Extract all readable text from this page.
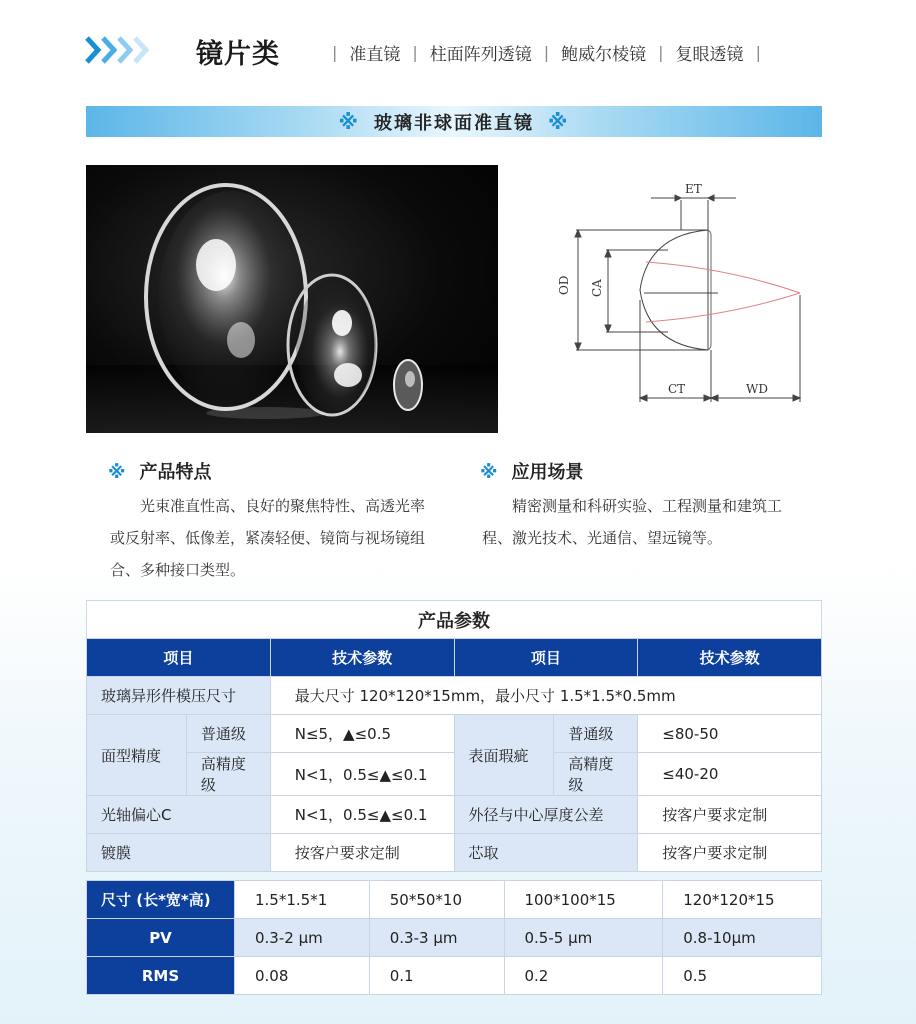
镜片类	| 准直镜 | 柱面阵列透镜 | 鲍威尔棱镜 | 复眼透镜 |
※ 玻璃非球面准直镜 ※
ET
OD CA
CT	WD
※ 产品特点
光束准直性高、良好的聚焦特性、高透光率或反射率、低像差，紧凑轻便、镜筒与视场镜组合、多种接口类型。
※ 应用场景
精密测量和科研实验、工程测量和建筑工程、激光技术、光通信、望远镜等。
产品参数
项目		技术参数	项目		技术参数
玻璃异形件模压尺寸		最大尺寸 120*120*15mm，最小尺寸 1.5*1.5*0.5mm			
面型精度	普通级	N≤5，▲≤0.5	表面瑕疵	普通级	≤80-50
	高精度级	N<1，0.5≤▲≤0.1		高精度级	≤40-20
光轴偏心C		N<1，0.5≤▲≤0.1	外径与中心厚度公差		按客户要求定制
镀膜		按客户要求定制	芯取		按客户要求定制
尺寸 (长*宽*高)	1.5*1.5*1	50*50*10	100*100*15	120*120*15
PV	0.3-2 μm	0.3-3 μm	0.5-5 μm	0.8-10μm
RMS	0.08	0.1	0.2	0.5
